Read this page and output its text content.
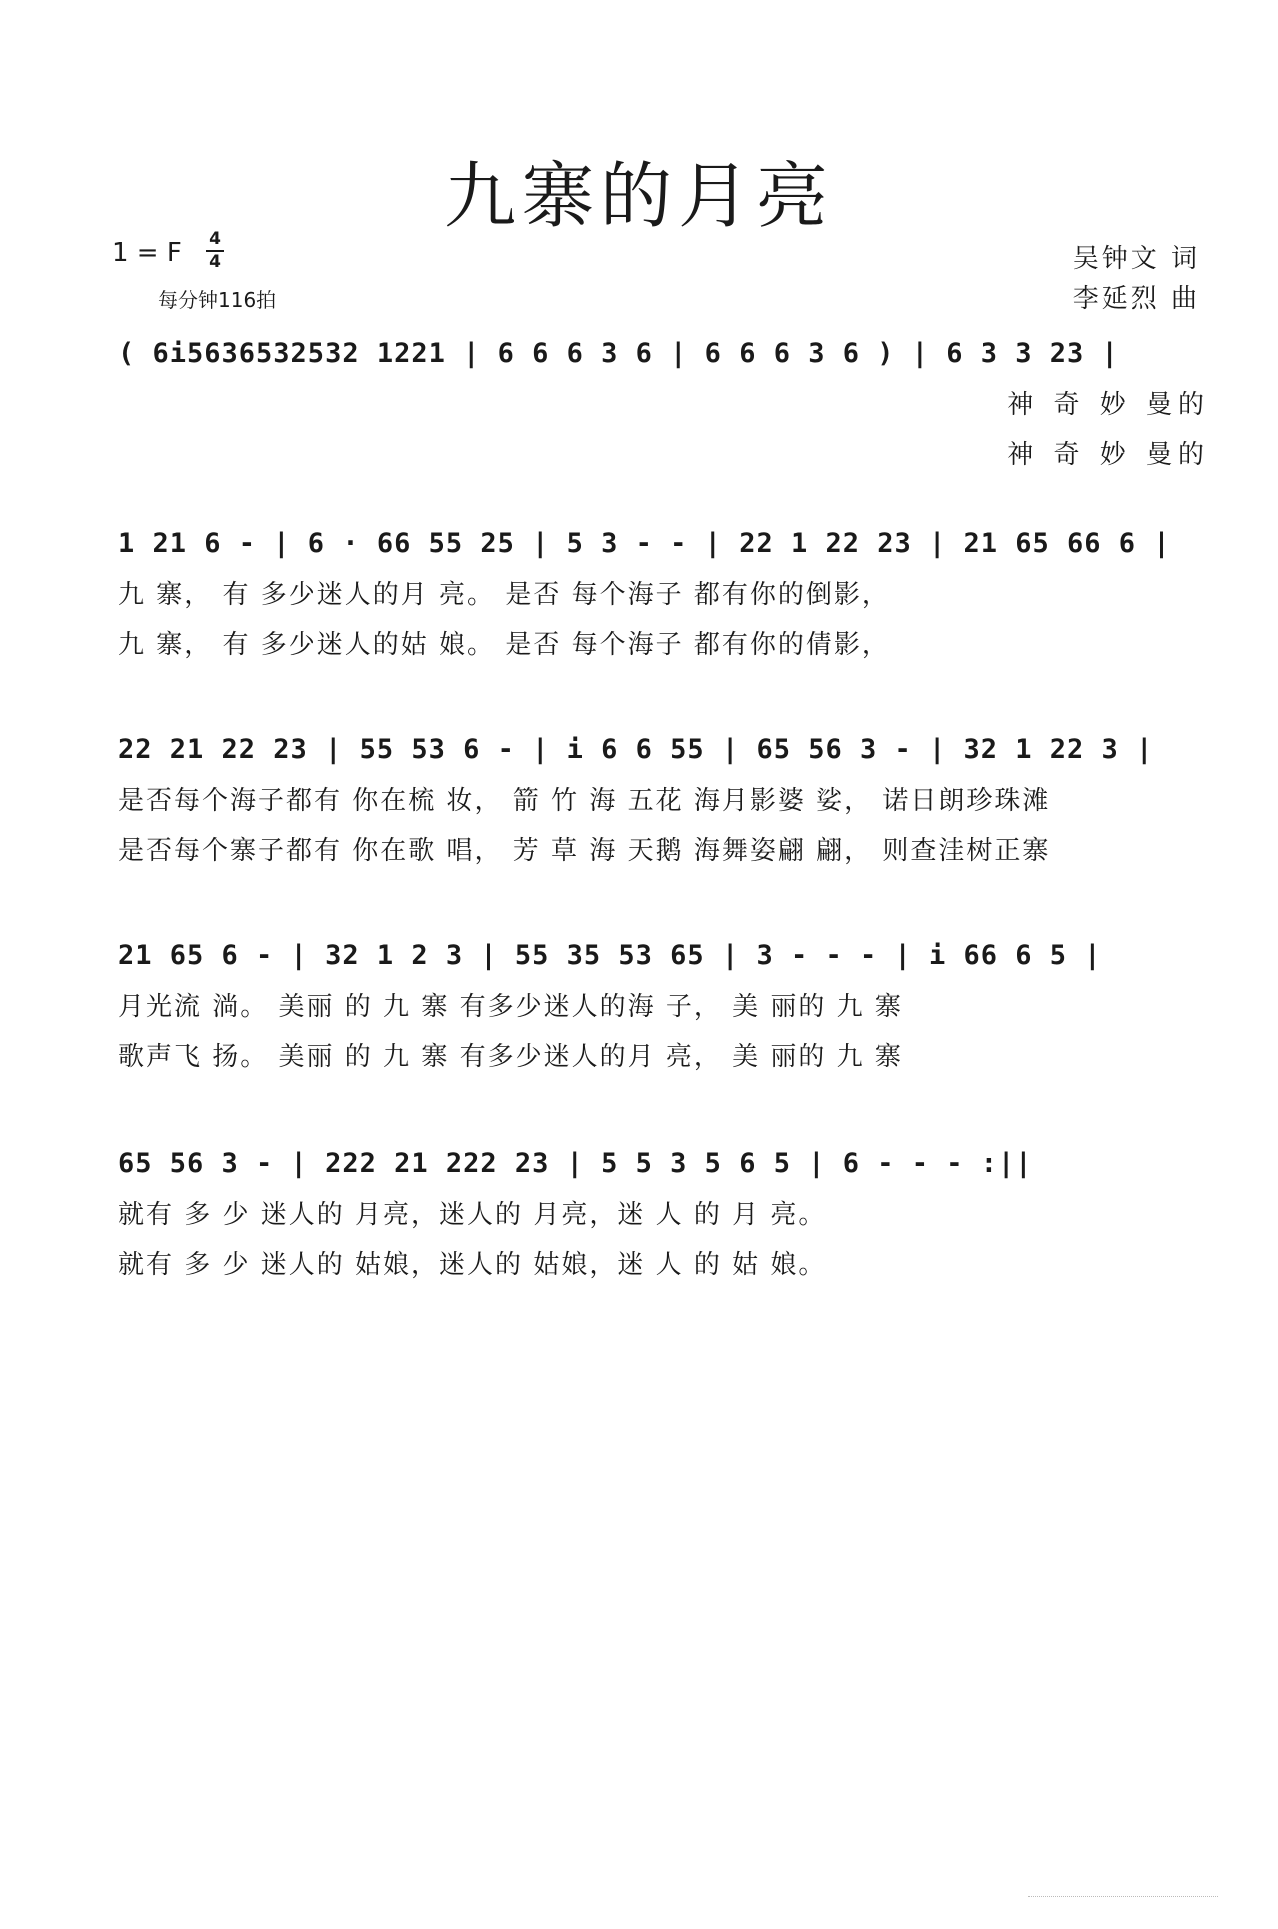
九寨的月亮
1 = F 4
4
每分钟116拍
吴钟文 词
李延烈 曲
( 6i5636532532 1221 | 6 6 6 3 6 | 6 6 6 3 6 ) | 6 3 3 23 |
神 奇 妙 曼的
神 奇 妙 曼的
1 21 6 - | 6 · 66 55 25 | 5 3 - - | 22 1 22 23 | 21 65 66 6 |
九 寨， 有 多少迷人的月 亮。 是否 每个海子 都有你的倒影，
九 寨， 有 多少迷人的姑 娘。 是否 每个海子 都有你的倩影，
22 21 22 23 | 55 53 6 - | i 6 6 55 | 65 56 3 - | 32 1 22 3 |
是否每个海子都有 你在梳 妆， 箭 竹 海 五花 海月影婆 娑， 诺日朗珍珠滩
是否每个寨子都有 你在歌 唱， 芳 草 海 天鹅 海舞姿翩 翩， 则查洼树正寨
21 65 6 - | 32 1 2 3 | 55 35 53 65 | 3 - - - | i 66 6 5 |
月光流 淌。 美丽 的 九 寨 有多少迷人的海 子， 美 丽的 九 寨
歌声飞 扬。 美丽 的 九 寨 有多少迷人的月 亮， 美 丽的 九 寨
65 56 3 - | 222 21 222 23 | 5 5 3 5 6 5 | 6 - - - :||
就有 多 少 迷人的 月亮，迷人的 月亮，迷 人 的 月 亮。
就有 多 少 迷人的 姑娘，迷人的 姑娘，迷 人 的 姑 娘。
